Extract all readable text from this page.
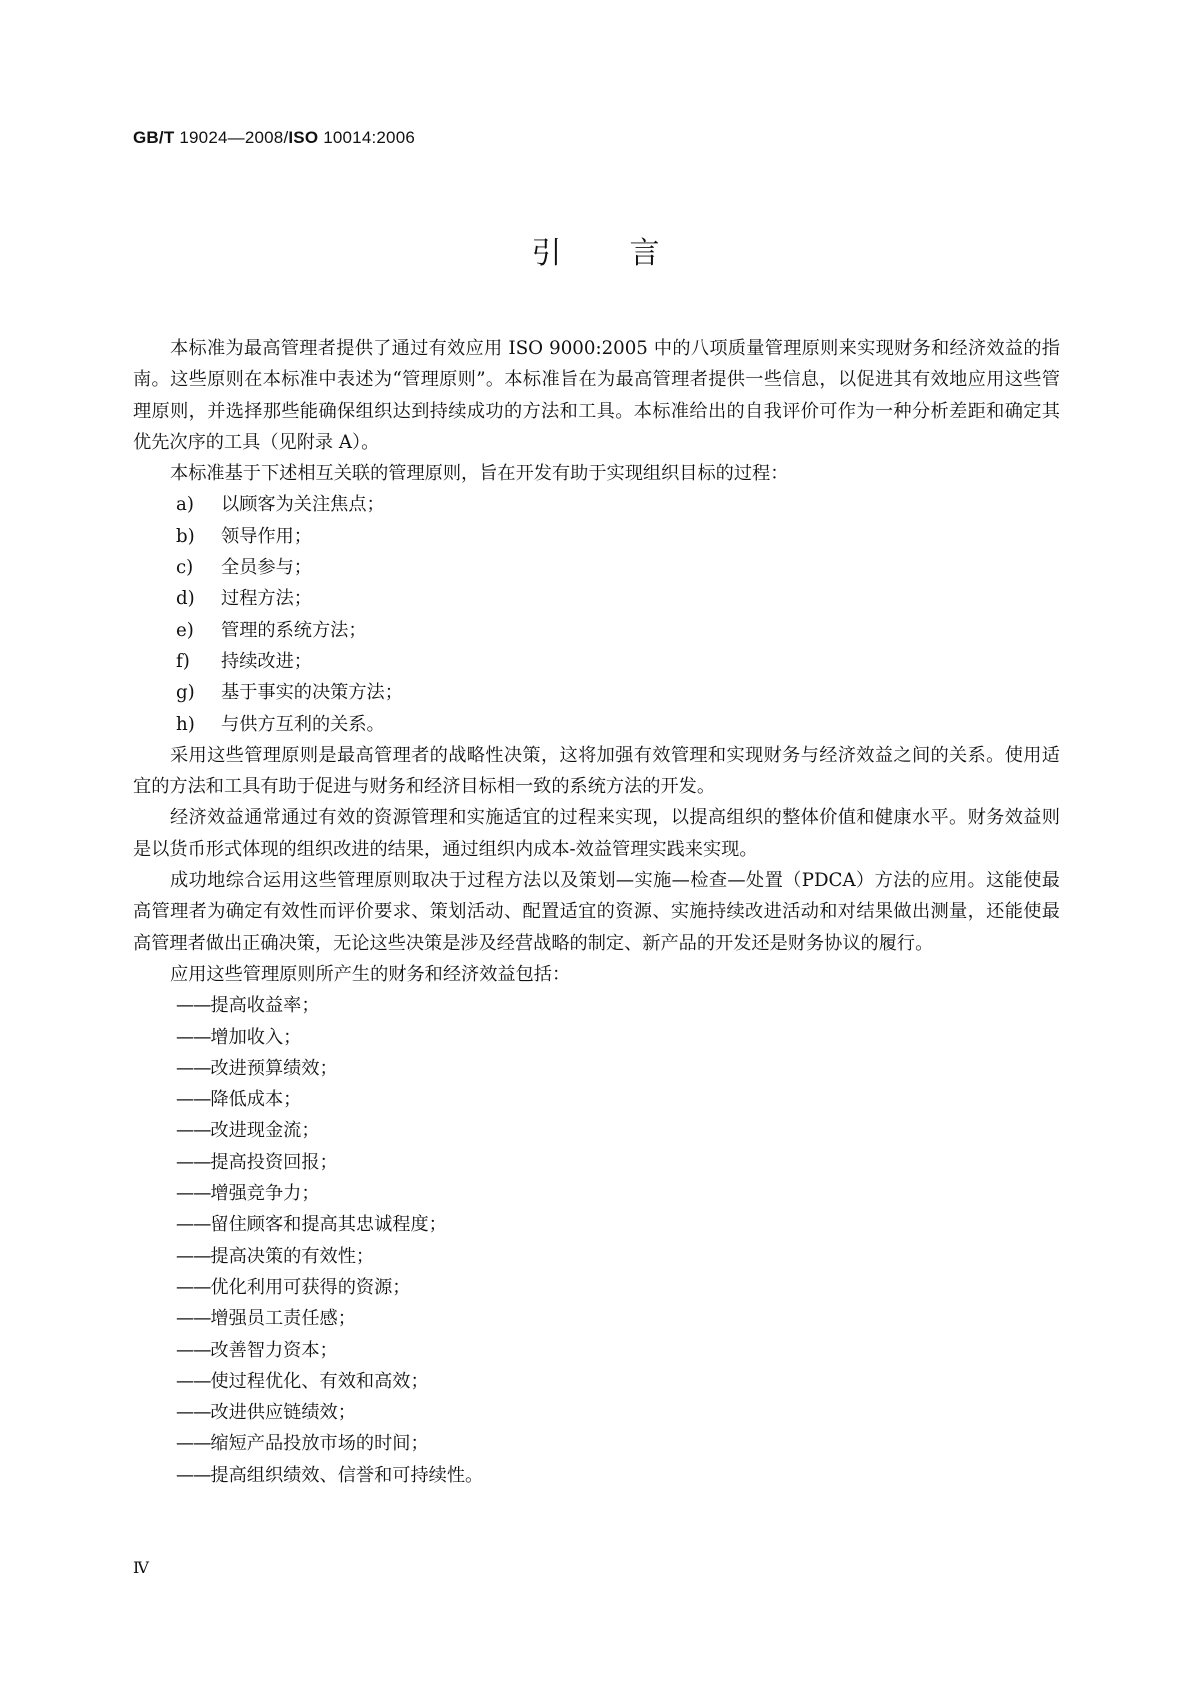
GB/T 19024—2008/ISO 10014:2006
引言

本标准为最高管理者提供了通过有效应用 ISO 9000:2005 中的八项质量管理原则来实现财务和经济效益的指南。这些原则在本标准中表述为“管理原则”。本标准旨在为最高管理者提供一些信息，以促进其有效地应用这些管理原则，并选择那些能确保组织达到持续成功的方法和工具。本标准给出的自我评价可作为一种分析差距和确定其优先次序的工具（见附录 A）。

本标准基于下述相互关联的管理原则，旨在开发有助于实现组织目标的过程：

a) 以顾客为关注焦点；

b) 领导作用；

c) 全员参与；

d) 过程方法；

e) 管理的系统方法；

f) 持续改进；

g) 基于事实的决策方法；

h) 与供方互利的关系。

采用这些管理原则是最高管理者的战略性决策，这将加强有效管理和实现财务与经济效益之间的关系。使用适宜的方法和工具有助于促进与财务和经济目标相一致的系统方法的开发。

经济效益通常通过有效的资源管理和实施适宜的过程来实现，以提高组织的整体价值和健康水平。财务效益则是以货币形式体现的组织改进的结果，通过组织内成本-效益管理实践来实现。

成功地综合运用这些管理原则取决于过程方法以及策划—实施—检查—处置（PDCA）方法的应用。这能使最高管理者为确定有效性而评价要求、策划活动、配置适宜的资源、实施持续改进活动和对结果做出测量，还能使最高管理者做出正确决策，无论这些决策是涉及经营战略的制定、新产品的开发还是财务协议的履行。

应用这些管理原则所产生的财务和经济效益包括：

——提高收益率；

——增加收入；

——改进预算绩效；

——降低成本；

——改进现金流；

——提高投资回报；

——增强竞争力；

——留住顾客和提高其忠诚程度；

——提高决策的有效性；

——优化利用可获得的资源；

——增强员工责任感；

——改善智力资本；

——使过程优化、有效和高效；

——改进供应链绩效；

——缩短产品投放市场的时间；

——提高组织绩效、信誉和可持续性。

Ⅳ
